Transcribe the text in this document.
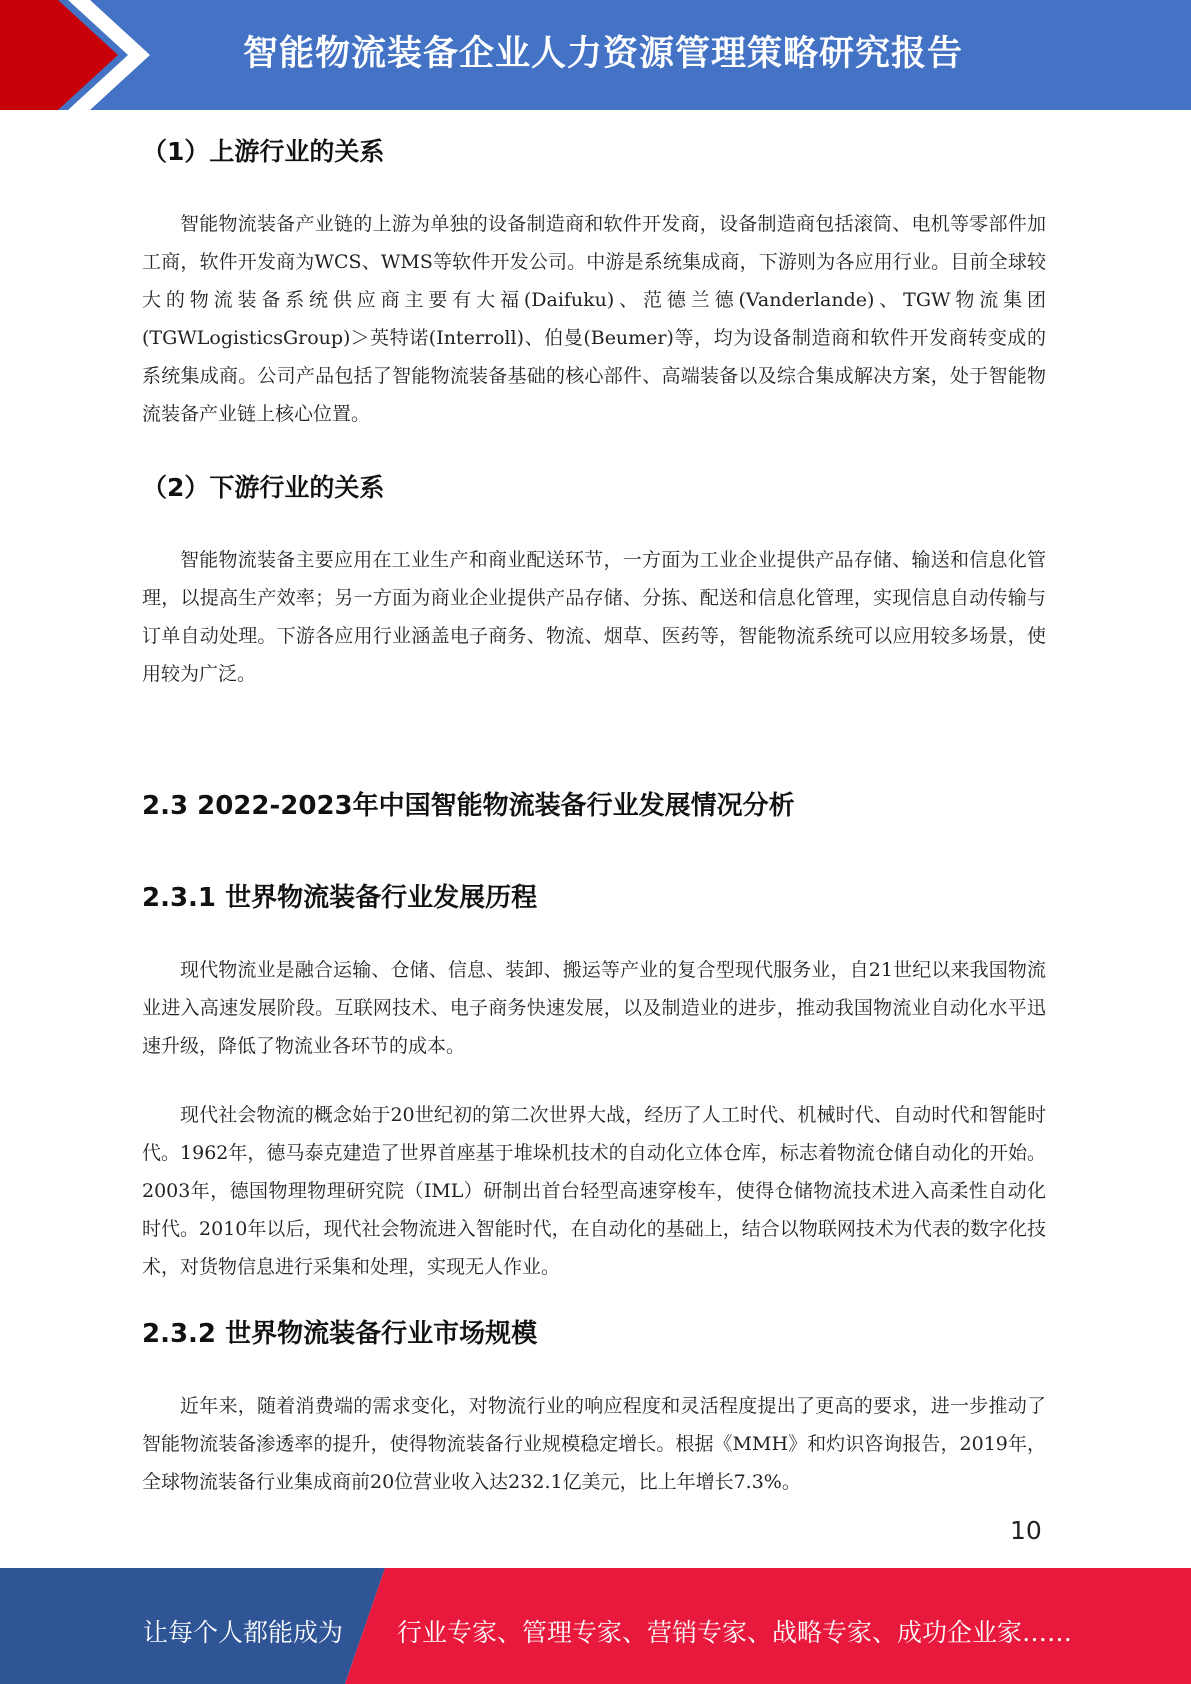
智能物流装备企业人力资源管理策略研究报告
（1）上游行业的关系

智能物流装备产业链的上游为单独的设备制造商和软件开发商，设备制造商包括滚筒、电机等零部件加工商，软件开发商为WCS、WMS等软件开发公司。中游是系统集成商，下游则为各应用行业。目前全球较大的物流装备系统供应商主要有大福(Daifuku)、范德兰德(Vanderlande)、TGW物流集团(TGWLogisticsGroup)＞英特诺(Interroll)、伯曼(Beumer)等，均为设备制造商和软件开发商转变成的系统集成商。公司产品包括了智能物流装备基础的核心部件、高端装备以及综合集成解决方案，处于智能物流装备产业链上核心位置。

（2）下游行业的关系

智能物流装备主要应用在工业生产和商业配送环节，一方面为工业企业提供产品存储、输送和信息化管理，以提高生产效率；另一方面为商业企业提供产品存储、分拣、配送和信息化管理，实现信息自动传输与订单自动处理。下游各应用行业涵盖电子商务、物流、烟草、医药等，智能物流系统可以应用较多场景，使用较为广泛。

2.3 2022-2023年中国智能物流装备行业发展情况分析
2.3.1 世界物流装备行业发展历程

现代物流业是融合运输、仓储、信息、装卸、搬运等产业的复合型现代服务业，自21世纪以来我国物流业进入高速发展阶段。互联网技术、电子商务快速发展，以及制造业的进步，推动我国物流业自动化水平迅速升级，降低了物流业各环节的成本。

现代社会物流的概念始于20世纪初的第二次世界大战，经历了人工时代、机械时代、自动时代和智能时代。1962年，德马泰克建造了世界首座基于堆垛机技术的自动化立体仓库，标志着物流仓储自动化的开始。2003年，德国物理物理研究院（IML）研制出首台轻型高速穿梭车，使得仓储物流技术进入高柔性自动化时代。2010年以后，现代社会物流进入智能时代，在自动化的基础上，结合以物联网技术为代表的数字化技术，对货物信息进行采集和处理，实现无人作业。

2.3.2 世界物流装备行业市场规模

近年来，随着消费端的需求变化，对物流行业的响应程度和灵活程度提出了更高的要求，进一步推动了智能物流装备渗透率的提升，使得物流装备行业规模稳定增长。根据《MMH》和灼识咨询报告，2019年，全球物流装备行业集成商前20位营业收入达232.1亿美元，比上年增长7.3%。

10
让每个人都能成为 行业专家、管理专家、营销专家、战略专家、成功企业家……
